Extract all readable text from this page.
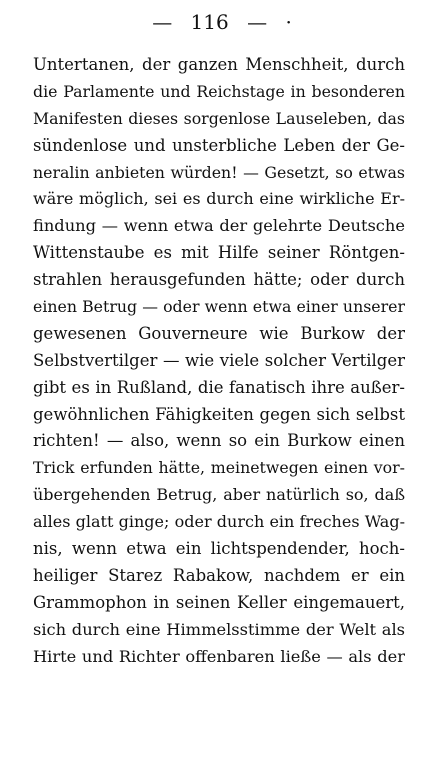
— 116 — ·
Untertanen, der ganzen Menschheit, durch
die Parlamente und Reichstage in besonderen
Manifesten dieses sorgenlose Lauseleben, das
sündenlose und unsterbliche Leben der Ge-
neralin anbieten würden! — Gesetzt, so etwas
wäre möglich, sei es durch eine wirkliche Er-
findung — wenn etwa der gelehrte Deutsche
Wittenstaube es mit Hilfe seiner Röntgen-
strahlen herausgefunden hätte; oder durch
einen Betrug — oder wenn etwa einer unserer
gewesenen Gouverneure wie Burkow der
Selbstvertilger — wie viele solcher Vertilger
gibt es in Rußland, die fanatisch ihre außer-
gewöhnlichen Fähigkeiten gegen sich selbst
richten! — also, wenn so ein Burkow einen
Trick erfunden hätte, meinetwegen einen vor-
übergehenden Betrug, aber natürlich so, daß
alles glatt ginge; oder durch ein freches Wag-
nis, wenn etwa ein lichtspendender, hoch-
heiliger Starez Rabakow, nachdem er ein
Grammophon in seinen Keller eingemauert,
sich durch eine Himmelsstimme der Welt als
Hirte und Richter offenbaren ließe — als der
